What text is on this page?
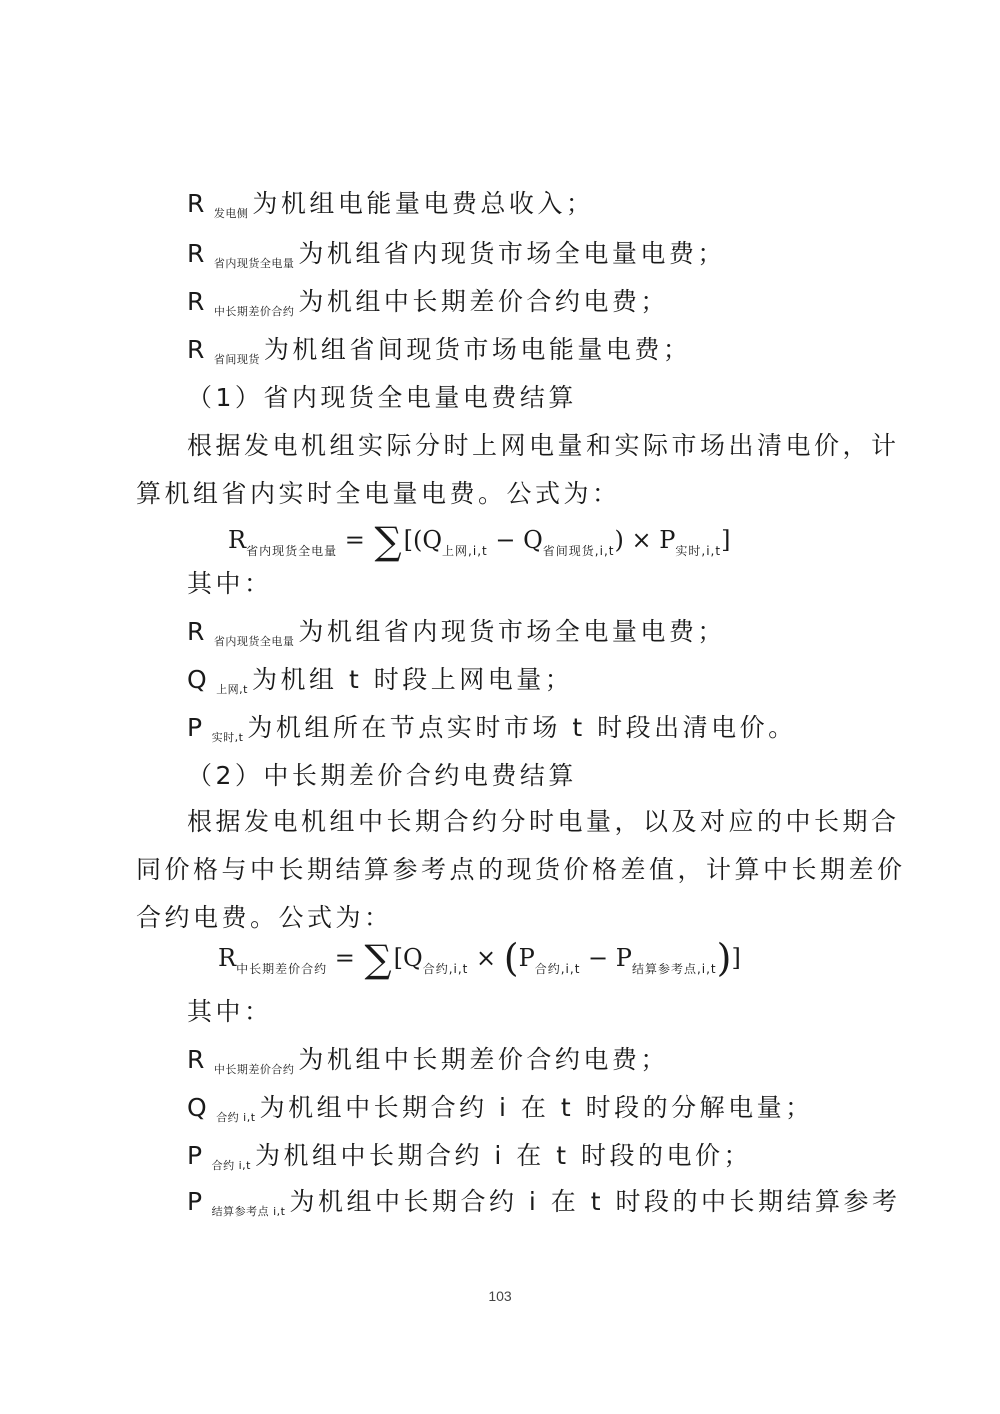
R $_{发电侧}$ 为机组电能量电费总收入；
R $_{省内现货全电量}$ 为机组省内现货市场全电量电费；
R $_{中长期差价合约}$ 为机组中长期差价合约电费；
R $_{省间现货}$ 为机组省间现货市场电能量电费；
（1）省内现货全电量电费结算
根据发电机组实际分时上网电量和实际市场出清电价，计
算机组省内实时全电量电费。公式为：
$R_{省内现货全电量} = \sum[(Q_{上网,i,t} - Q_{省间现货,i,t}) \times P_{实时,i,t}]$
其中：
R $_{省内现货全电量}$ 为机组省内现货市场全电量电费；
Q $_{上网,t}$ 为机组 t 时段上网电量；
P $_{实时,t}$ 为机组所在节点实时市场 t 时段出清电价。
（2）中长期差价合约电费结算
根据发电机组中长期合约分时电量，以及对应的中长期合
同价格与中长期结算参考点的现货价格差值，计算中长期差价
合约电费。公式为：
$R_{中长期差价合约} = \sum[Q_{合约,i,t} \times (P_{合约,i,t} - P_{结算参考点,i,t})]$
其中：
R $_{中长期差价合约}$ 为机组中长期差价合约电费；
Q $_{合约 i,t}$ 为机组中长期合约 i 在 t 时段的分解电量；
P $_{合约 i,t}$ 为机组中长期合约 i 在 t 时段的电价；
P $_{结算参考点 i,t}$ 为机组中长期合约 i 在 t 时段的中长期结算参考
103
